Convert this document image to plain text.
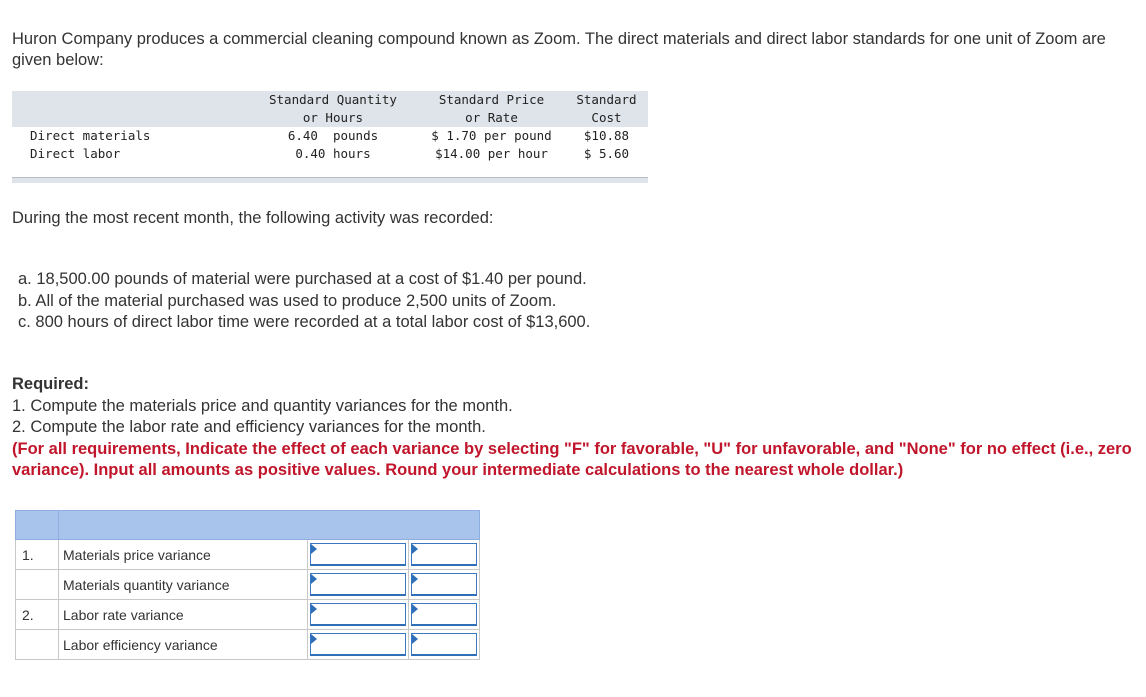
Huron Company produces a commercial cleaning compound known as Zoom. The direct materials and direct labor standards for one unit of Zoom are given below:
	Standard Quantity	Standard Price	Standard
	or Hours	or Rate	Cost
Direct materials	6.40  pounds	$ 1.70 per pound	$10.88
Direct labor	0.40 hours	$14.00 per hour	$ 5.60
During the most recent month, the following activity was recorded:
a. 18,500.00 pounds of material were purchased at a cost of $1.40 per pound.
b. All of the material purchased was used to produce 2,500 units of Zoom.
c. 800 hours of direct labor time were recorded at a total labor cost of $13,600.
Required:
1. Compute the materials price and quantity variances for the month.
2. Compute the labor rate and efficiency variances for the month.
(For all requirements, Indicate the effect of each variance by selecting "F" for favorable, "U" for unfavorable, and "None" for no effect (i.e., zero variance). Input all amounts as positive values. Round your intermediate calculations to the nearest whole dollar.)

1.	Materials price variance	

	Materials quantity variance	

2.	Labor rate variance	

	Labor efficiency variance	
